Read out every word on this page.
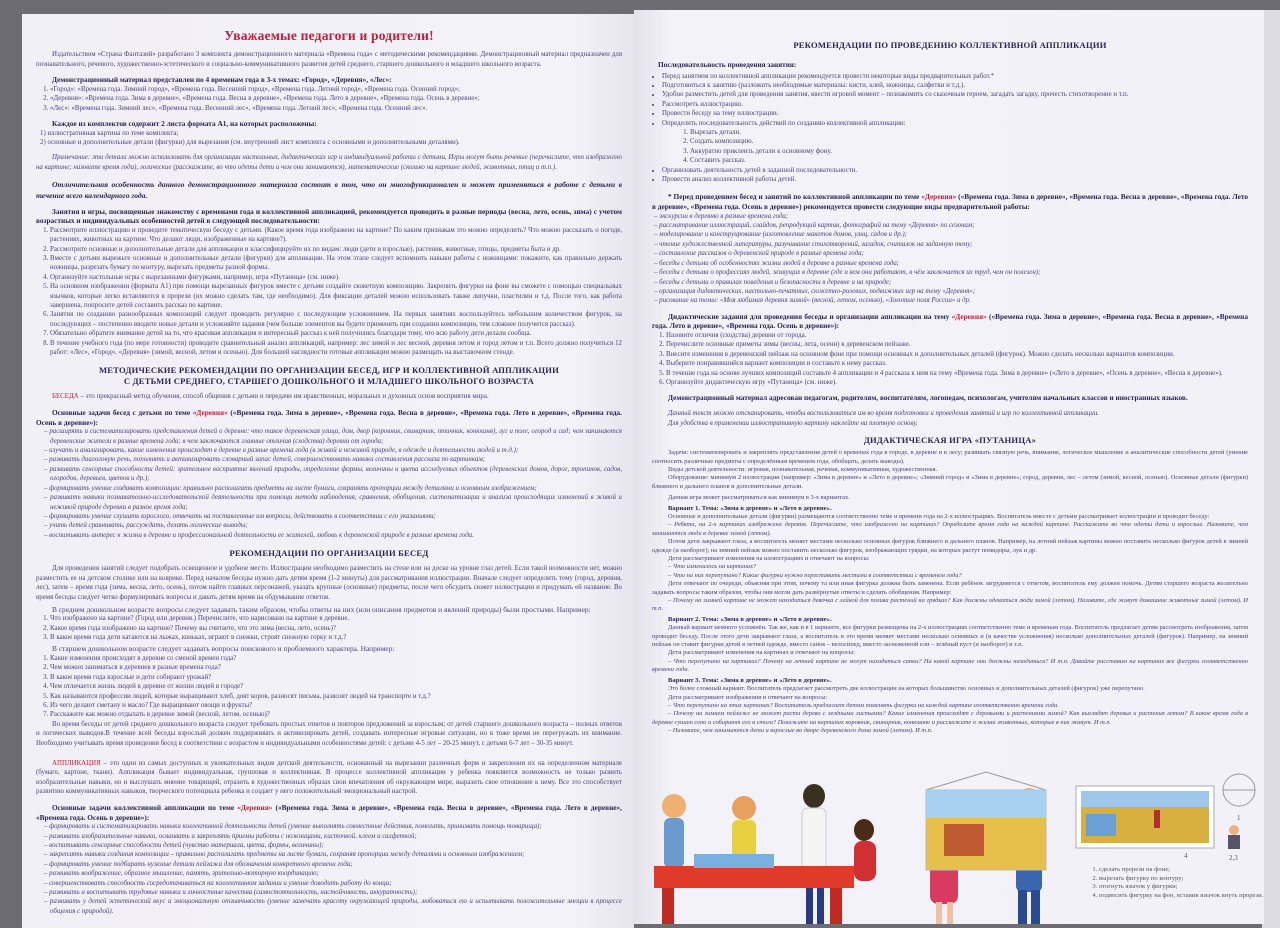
Уважаемые педагоги и родители!

Издательством «Страна Фантазий» разработано 3 комплекта демонстрационного материала «Времена года» с методическими рекомендациями. Демонстрационный материал предназначен для познавательного, речевого, художественно-эстетического и социально-коммуникативного развития детей среднего, старшего дошкольного и младшего школьного возраста.

Демонстрационный материал представлен по 4 временам года в 3-х темах: «Город», «Деревня», «Лес»:

1. «Город»: «Времена года. Зимний город», «Времена года. Весенний город», «Времена года. Летний город», «Времена года. Осенний город»;
2. «Деревня»: «Времена года. Зима в деревне», «Времена года. Весна в деревне», «Времена года. Лето в деревне», «Времена года. Осень в деревне»;
3. «Лес»: «Времена года. Зимний лес», «Времена года. Весенний лес», «Времена года. Летний лес», «Времена года. Осенний лес».

Каждое из комплектов содержит 2 листа формата А1, на которых расположены:

1) иллюстративная картина по теме комплекта;
2) основные и дополнительные детали (фигурки) для вырезания (см. внутренний лист комплекта с основными и дополнительными деталями).

Примечание: эти детали можно использовать для организации настольных, дидактических игр и индивидуальной работы с детьми. Игры могут быть речевые (перечислите, что изображено на картине; назовите время года), логические (расскажите, во что одеты дети и чем они занимаются), математические (сколько на картине людей, животных, птиц и т.п.).

Отличительная особенность данного демонстрационного материала состоит в том, что он многофункционален и может применяться в работе с детьми в течение всего календарного года.

Занятия и игры, посвященные знакомству с временами года и коллективной аппликацией, рекомендуется проводить в разные периоды (весна, лето, осень, зима) с учетом возрастных и индивидуальных особенностей детей в следующей последовательности:

1. Рассмотрите иллюстрацию и проведите тематическую беседу с детьми. (Какое время года изображено на картине? По каким признакам это можно определить? Что можно рассказать о погоде, растениях, животных на картине. Что делают люди, изображенные на картине?).
2. Рассмотрите основные и дополнительные детали для аппликации и классифицируйте их по видам: люди (дети и взрослые), растения, животные, птицы, предметы быта и др.
3. Вместе с детьми вырежьте основные и дополнительные детали (фигурки) для аппликации. На этом этапе следует вспомнить навыки работы с ножницами: покажите, как правильно держать ножницы, разрезать бумагу по контуру, вырезать предметы разной формы.
4. Организуйте настольные игры с вырезанными фигурками, например, игра «Путаница» (см. ниже).
5. На основном изображении (формата А1) при помощи вырезанных фигурок вместе с детьми создайте сюжетную композицию. Закрепить фигурки на фоне вы сможете с помощью специальных язычков, которые легко вставляются в прорези (их можно сделать там, где необходимо). Для фиксации деталей можно использовать также липучки, пластилин и т.д. После того, как работа завершена, попросите детей составить рассказ по картине.
6. Занятия по созданию разнообразных композиций следует проводить регулярно с последующим усложнением. На первых занятиях воспользуйтесь небольшим количеством фигурок, на последующих – постепенно вводите новые детали и усложняйте задания (чем больше элементов вы будете применять при создании композиции, тем сложнее получится рассказ).
7. Обязательно обратите внимание детей на то, что красивая аппликация и интересный рассказ к ней получились благодаря тому, что всю работу дети делали сообща.
8. В течение учебного года (по мере готовности) проводите сравнительный анализ аппликаций, например: лес зимой и лес весной, деревня летом и город летом и т.п. Всего должно получиться 12 работ: «Лес», «Город», «Деревня» (зимой, весной, летом и осенью). Для большей наглядности готовые аппликации можно размещать на выставочном стенде.
МЕТОДИЧЕСКИЕ РЕКОМЕНДАЦИИ ПО ОРГАНИЗАЦИИ БЕСЕД, ИГР И КОЛЛЕКТИВНОЙ АППЛИКАЦИИ
С ДЕТЬМИ СРЕДНЕГО, СТАРШЕГО ДОШКОЛЬНОГО И МЛАДШЕГО ШКОЛЬНОГО ВОЗРАСТА

БЕСЕДА – это прекрасный метод обучения, способ общения с детьми и передачи им нравственных, моральных и духовных основ восприятия мира.

Основные задачи бесед с детьми по теме «Деревня» («Времена года. Зима в деревне», «Времена года. Весна в деревне», «Времена года. Лето в деревне», «Времена года. Осень в деревне»):

– расширять и систематизировать представления детей о деревне: что такое деревенская улица, дом, двор (коровник, свинарник, птичник, конюшня), луг и поле, огород и сад; чем занимаются деревенские жители в разные времена года; в чем заключаются главные отличия (сходства) деревни от города;
– изучать и анализировать, какие изменения происходят в деревне в разные времена года (в живой и неживой природе, в одежде и деятельности людей и т.д.);
– развивать диалоговую речь, пополнять и активизировать словарный запас детей, совершенствовать навыки составления рассказа по картинкам;
– развивать сенсорные способности детей: зрительное восприятие явлений природы, определение формы, величины и цвета исследуемых объектов (деревенских домов, дорог, тропинок, садов, огородов, деревьев, цветов и др.);
– формировать умение создавать композиции: правильно располагать предметы на листе бумаги, сохранять пропорции между деталями и основным изображением;
– развивать навыки познавательно-исследовательской деятельности при помощи метода наблюдения, сравнения, обобщения, систематизации и анализа происходящих изменений в живой и неживой природе деревни в разное время года;
– формировать умение слушать взрослого, отвечать на поставленные им вопросы, действовать в соответствии с его указаниями;
– учить детей сравнивать, рассуждать, делать логические выводы;
– воспитывать интерес к жизни в деревне и профессиональной деятельности ее жителей, любовь к деревенской природе в разные времена года.
РЕКОМЕНДАЦИИ ПО ОРГАНИЗАЦИИ БЕСЕД

Для проведения занятий следует подобрать освещенное и удобное место. Иллюстрации необходимо разместить на стене или на доске на уровне глаз детей. Если такой возможности нет, можно разместить ее на детском столике или на коврике. Перед началом беседы нужно дать детям время (1-2 минуты) для рассматривания иллюстрации. Вначале следует определить тему (город, деревня, лес), затем – время года (зима, весна, лето, осень), потом найти главных персонажей, указать крупные (основные) предметы, после чего обсудить сюжет иллюстрации и придумать ей название. Во время беседы следует четко формулировать вопросы и давать детям время на обдумывание ответов.

В среднем дошкольном возрасте вопросы следует задавать таким образом, чтобы ответы на них (или описания предметов и явлений природы) были простыми. Например:

1. Что изображено на картине? (Город или деревня.) Перечислите, что нарисовано на картине в деревне.
2. Какое время года изображено на картине? Почему вы считаете, что это зима (весна, лето, осень)?
3. В какое время года дети катаются на лыжах, коньках, играют в снежки, строят снежную горку и т.д.?

В старшем дошкольном возрасте следует задавать вопросы поискового и проблемного характера. Например:

1. Какие изменения происходят в деревне со сменой времен года?
2. Чем можно заниматься в деревнев в разные времена года?
3. В какое время года взрослые и дети собирают урожай?
4. Чем отличается жизнь людей в деревне от жизни людей в городе?
5. Как называются профессии людей, которые выращивают хлеб, доят коров, разносят письма, развозят людей на транспорте и т.д.?
6. Из чего делают сметану и масло? Где выращивают овощи и фрукты?
7. Расскажите как можно отдыхать в деревне зимой (весной, летом, осенью)?

Во время беседы от детей среднего дошкольного возраста следует требовать простых ответов и повторов предложений за взрослым; от детей старшего дошкольного возраста – полных ответов и логических выводов.В течение всей беседы взрослый должен поддерживать и активизировать детей, создавать интересные игровые ситуации, но в тоже время не перегружать их внимание. Необходимо учитывать время проведения бесед в соответствии с возрастом и индивидуальными особенностями детей: с детьми 4-5 лет – 20-25 минут, с детьми 6-7 лет – 30-35 минут.

АППЛИКАЦИЯ – это один из самых доступных и увлекательных видов детской деятельности, основанный на вырезании различных форм и закреплении их на определенном материале (бумаге, картоне, ткани). Аппликация бывает индивидуальная, групповая и коллективная. В процессе коллективной аппликации у ребенка появляется возможность не только развить изобразительные навыки, но и выслушать мнение товарищей, отразить в художественных образах свои впечатления об окружающем мире, выразить свое отношение к нему. Все это способствует развитию коммуникативных навыков, творческого потенциала ребенка и создает у него положительный эмоциональный настрой.

Основные задачи коллективной аппликации по теме «Деревня» («Времена года. Зима в деревне», «Времена года. Весна в деревне», «Времена года. Лето в деревне», «Времена года. Осень в деревне»):

– формировать и систематизировать навыки коллективной деятельности детей (умение выполнять совместные действия, помогать, принимать помощь товарища);
– развивать изобразительные навыки, осваивать и закреплять приемы работы с ножницами, кисточкой, клеем и салфеткой;
– воспитывать сенсорные способности детей (чувство материала, цвета, формы, величины);
– закреплять навыки создания композиции – правильно располагать предметы на листе бумаги, сохраняя пропорции между деталями и основным изображением;
– формировать умение подбирать нужные детали пейзажа для обозначения конкретного времени года;
– развивать воображение, образное мышление, память, зрительно-моторную координацию;
– совершенствовать способность сосредотачиваться на коллективном задании и умение доводить работу до конца;
– развивать и воспитывать трудовые навыки и личностные качества (самостоятельность, настойчивость, аккуратность);
– развивать у детей эстетический вкус и эмоциональную отзывчивость (умение замечать красоту окружающей природы, любоваться ею и испытывать положительные эмоции в процессе общения с природой).
РЕКОМЕНДАЦИИ ПО ПРОВЕДЕНИЮ КОЛЛЕКТИВНОЙ АППЛИКАЦИИ

Последовательность проведения занятия:

• Перед занятием по коллективной аппликации рекомендуется провести некоторые виды предварительных работ.*
• Подготовиться к занятию (разложить необходимые материалы: кисти, клей, ножницы, салфетки и т.д.).
• Удобно разместить детей для проведения занятия, ввести игровой момент – познакомить со сказочным героем, загадать загадку, прочесть стихотворение и т.п.
• Рассмотреть иллюстрацию.
• Провести беседу на тему иллюстрации.
• Определить последовательность действий по созданию коллективной аппликации:
1. Вырезать детали.
2. Создать композицию.
3. Аккуратно приклеить детали к основному фону.
4. Составить рассказ.
• Организовать деятельность детей в заданной последовательности.
• Провести анализ коллективной работы детей.

* Перед проведением бесед и занятий по коллективной аппликации по теме «Деревня» («Времена года. Зима в деревне», «Времена года. Весна в деревне», «Времена года. Лето в деревне», «Времена года. Осень в деревне») рекомендуется провести следующие виды предварительной работы:

– экскурсии в деревню в разные времена года;
– рассматривание иллюстраций, слайдов, репродукций картин, фотографий на тему «Деревня» по сезонам;
– моделирование и конструирование (изготовление макетов домов, улиц, садов и др.);
– чтение художественной литературы, разучивание стихотворений, загадок, считалок на заданную тему;
– составление рассказов о деревенской природе в разные времена года;
– беседы с детьми об особенностях жизни людей в деревне в разные времена года;
– беседы с детьми о профессиях людей, живущих в деревне (где и кем они работают, в чём заключается их труд, чем он полезен);
– беседы с детьми о правилах поведения и безопасности в деревне и на природе;
– организация дидактических, настольно-печатных, сюжетно-ролевых, подвижных игр на тему «Деревня»;
– рисование на темы: «Моя любимая деревня зимой» (весной, летом, осенью), «Золотые поля России» и др.

Дидактические задания для проведения беседы и организации аппликации на тему «Деревня» («Времена года. Зима в деревне», «Времена года. Весна в деревне», «Времена года. Лето в деревне», «Времена года. Осень в деревне»):

1. Назовите отличия (сходства) деревни от города.
2. Перечислите основные приметы зимы (весны, лета, осени) в деревенском пейзаже.
3. Внесите изменения в деревенский пейзаж на основном фоне при помощи основных и дополнительных деталей (фигурок). Можно сделать несколько вариантов композиции.
4. Выберите понравившийся вариант композиции и составьте к нему рассказ.
5. В течение года на основе лучших композиций составьте 4 аппликации и 4 рассказа к ним на тему «Времена года. Зима в деревне» («Лето в деревне», «Осень в деревне», «Весна в деревне»).
6. Организуйте дидактическую игру «Путаница» (см. ниже).

Демонстрационный материал адресован педагогам, родителям, воспитателям, логопедам, психологам, учителям начальных классов и иностранных языков.

Данный текст можно отсканировать, чтобы воспользоваться им во время подготовки и проведения занятий и игр по коллективной аппликации.

Для удобства в применении иллюстративную картину наклейте на плотную основу.

ДИДАКТИЧЕСКАЯ ИГРА «ПУТАНИЦА»

Задачи: систематизировать и закреплять представления детей о временах года в городе, в деревне и в лесу; развивать связную речь, внимание, логическое мышление и аналитические способности детей (умение соотносить различные предметы с определённым временем года, обобщать, делать выводы).

Виды детской деятельности: игровая, познавательная, речевая, коммуникативная, художественная.

Оборудование: минимум 2 иллюстрации (например: «Зима в деревне» и «Лето в деревне»; «Зимний город» и «Зима в деревне»; город, деревня, лес – летом (зимой, весной, осенью). Основные детали (фигурки) ближнего и дальнего планов и дополнительные детали.

Данная игра может рассматриваться как минимум в 3-х вариантах.

Вариант 1. Тема: «Зима в деревне» и «Лето в деревне».

Основные и дополнительные детали (фигурки) размещаются соответственно теме и времени года на 2-х иллюстрациях. Воспитатель вместе с детьми рассматривает иллюстрации и проводит беседу:

– Ребята, на 2-х картинах изображена деревня. Перечислите, что изображено на картинах? Определите время года на каждой картине. Расскажите во что одеты дети и взрослые. Назовите, чем занимаются люди в деревне зимой (летом).

Потом дети закрывают глаза, а воспитатель меняет местами несколько основных фигурок ближнего и дальнего планов. Например, на летний пейзаж картины можно поставить несколько фигурок детей в зимней одежде (и наоборот); на зимний пейзаж можно поставить несколько фигурок, изображающих грядки, на которых растут помидоры, лук и др.

Дети рассматривают изменения на иллюстрациях и отвечают на вопросы:

– Что изменилось на картинах?

– Что на них перепутано? Какие фигурки нужно переставить местами в соответствии с временем года?

Дети отвечают по очереди, объясняя при этом, почему та или иная фигурка должна быть заменена. Если ребёнок затрудняется с ответом, воспитатель ему должен помочь. Детям старшего возраста желательно задавать вопросы таким образом, чтобы они могли дать развёрнутые ответы и сделать обобщения. Например:

– Почему на зимней картине не может находиться девочка с лейкой для полива растений на грядках? Как должны одеваться люди зимой (летом). Назовите, где живут домашние животные зимой (летом). И т.п.

Вариант 2. Тема: «Зима в деревне» и «Лето в деревне».

Данный вариант немного усложнён. Так же, как и в 1 варианте, все фигурки размещены на 2-х иллюстрациях соответственно теме и временам года. Воспитатель предлагает детям рассмотреть изображения, затем проводит беседу. После этого дети закрывают глаза, а воспитатель в это время меняет местами несколько основных и (в качестве усложнения) несколько дополнительных деталей (фигурок). Например, на зимний пейзаж он ставит фигурки детей в летней одежде, вместо санок – велосипед, вместо заснеженной ели – зелёный куст (и наоборот) и т.п.

Дети рассматривают изменения на картинах и отвечают на вопросы:

– Что перепутано на картинах? Почему на летней картине не могут находиться санки? На какой картине они должны находиться? И т.п. Давайте расставим на картинах все фигурки соответственно времени года.

Вариант 3. Тема: «Зима в деревне» и «Лето в деревне».

Это более сложный вариант. Воспитатель предлагает рассмотреть две иллюстрации на которых большинство основных и дополнительных деталей (фигурок) уже перепутано.

Дети рассматривают изображения и отвечают на вопросы:

– Что перепутано на этих картинах? Воспитатель предлагает детям поменять фигурки на каждой картине соответственно времени года.

– Почему на зимнем пейзаже не может расти дерево с зелёными листьями? Какие изменения происходят с деревьями и растениями зимой? Как выглядят деревья и растения летом? В какое время года в деревне сушат сено и собирают его в стога? Покажите на картинах коровник, свинарник, конюшню и расскажите о жизни животных, которые в них живут. И т.п.

– Назовите, чем занимаются дети и взрослые во дворе деревенского дома зимой (летом). И т.п.

1
4	2,3
1. сделать прорези на фоне;
2. вырезать фигурку по контуру;
3. отогнуть язычок у фигурки;
4. подвесить фигурку на фон, вставив язычок внуть прорези.
